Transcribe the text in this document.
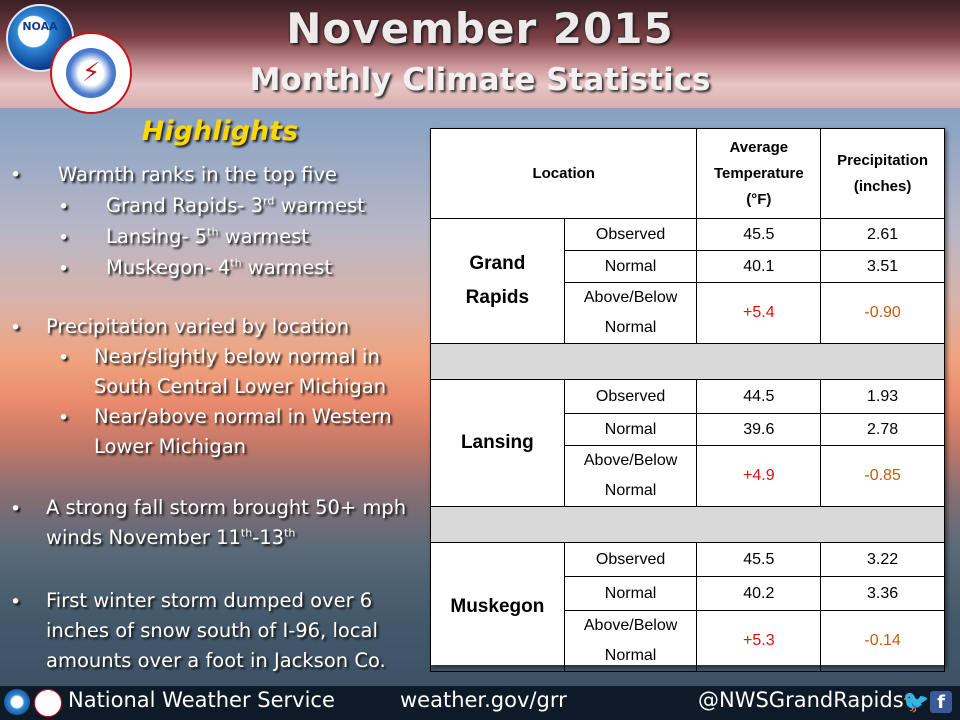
NOAA
⚡
November 2015
Monthly Climate Statistics
Highlights
• Warmth ranks in the top five
• Grand Rapids- 3rd warmest
• Lansing- 5th warmest
• Muskegon- 4th warmest
• Precipitation varied by location
• Near/slightly below normal in
South Central Lower Michigan
• Near/above normal in Western
Lower Michigan
• A strong fall storm brought 50+ mph
winds November 11th-13th
• First winter storm dumped over 6
inches of snow south of I-96, local
amounts over a foot in Jackson Co.
Location		Average
Temperature
(°F)	Precipitation
(inches)
Grand
Rapids	Observed	45.5	2.61
	Normal	40.1	3.51
	Above/Below
Normal	+5.4	-0.90

Lansing	Observed	44.5	1.93
	Normal	39.6	2.78
	Above/Below
Normal	+4.9	-0.85

Muskegon	Observed	45.5	3.22
	Normal	40.2	3.36
	Above/Below
Normal	+5.3	-0.14
National Weather Service	weather.gov/grr	@NWSGrandRapids
🐦 f
